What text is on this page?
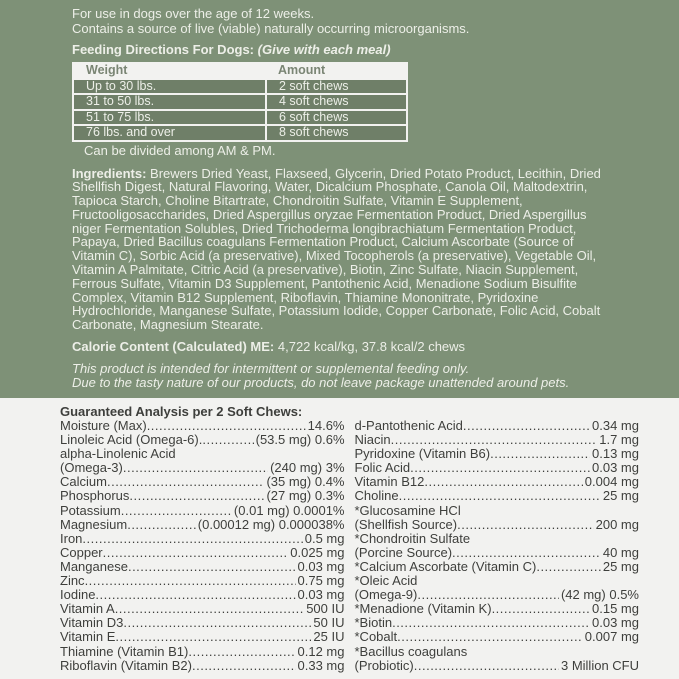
For use in dogs over the age of 12 weeks.
Contains a source of live (viable) naturally occurring microorganisms.
Feeding Directions For Dogs: (Give with each meal)
Weight	Amount
Up to 30 lbs.	2 soft chews
31 to 50 lbs.	4 soft chews
51 to 75 lbs.	6 soft chews
76 lbs. and over	8 soft chews
Can be divided among AM & PM.

Ingredients: Brewers Dried Yeast, Flaxseed, Glycerin, Dried Potato Product, Lecithin, Dried Shellfish Digest, Natural Flavoring, Water, Dicalcium Phosphate, Canola Oil, Maltodextrin, Tapioca Starch, Choline Bitartrate, Chondroitin Sulfate, Vitamin E Supplement, Fructooligosaccharides, Dried Aspergillus oryzae Fermentation Product, Dried Aspergillus niger Fermentation Solubles, Dried Trichoderma longibrachiatum Fermentation Product, Papaya, Dried Bacillus coagulans Fermentation Product, Calcium Ascorbate (Source of Vitamin C), Sorbic Acid (a preservative), Mixed Tocopherols (a preservative), Vegetable Oil, Vitamin A Palmitate, Citric Acid (a preservative), Biotin, Zinc Sulfate, Niacin Supplement, Ferrous Sulfate, Vitamin D3 Supplement, Pantothenic Acid, Menadione Sodium Bisulfite Complex, Vitamin B12 Supplement, Riboflavin, Thiamine Mononitrate, Pyridoxine Hydrochloride, Manganese Sulfate, Potassium Iodide, Copper Carbonate, Folic Acid, Cobalt Carbonate, Magnesium Stearate.

Calorie Content (Calculated) ME: 4,722 kcal/kg, 37.8 kcal/2 chews

This product is intended for intermittent or supplemental feeding only.
Due to the tasty nature of our products, do not leave package unattended around pets.
Guaranteed Analysis per 2 Soft Chews:
Moisture (Max) .....	14.6%
Linoleic Acid (Omega-6). .....	(53.5 mg) 0.6%
alpha-Linolenic Acid
(Omega-3) .....	(240 mg) 3%
Calcium .....	(35 mg) 0.4%
Phosphorus .....	(27 mg) 0.3%
Potassium .....	(0.01 mg) 0.0001%
Magnesium .....	(0.00012 mg) 0.000038%
Iron .....	0.5 mg
Copper .....	0.025 mg
Manganese .....	0.03 mg
Zinc .....	0.75 mg
Iodine .....	0.03 mg
Vitamin A .....	500 IU
Vitamin D3 .....	50 IU
Vitamin E .....	25 IU
Thiamine (Vitamin B1) .....	0.12 mg
Riboflavin (Vitamin B2) .....	0.33 mg
d-Pantothenic Acid .....	0.34 mg
Niacin .....	1.7 mg
Pyridoxine (Vitamin B6) .....	0.13 mg
Folic Acid .....	0.03 mg
Vitamin B12 .....	0.004 mg
Choline .....	25 mg
*Glucosamine HCl
(Shellfish Source) .....	200 mg
*Chondroitin Sulfate
(Porcine Source) .....	40 mg
*Calcium Ascorbate (Vitamin C) .....	25 mg
*Oleic Acid
(Omega-9) .....	(42 mg) 0.5%
*Menadione (Vitamin K) .....	0.15 mg
*Biotin .....	0.03 mg
*Cobalt .....	0.007 mg
*Bacillus coagulans
(Probiotic) .....	3 Million CFU
